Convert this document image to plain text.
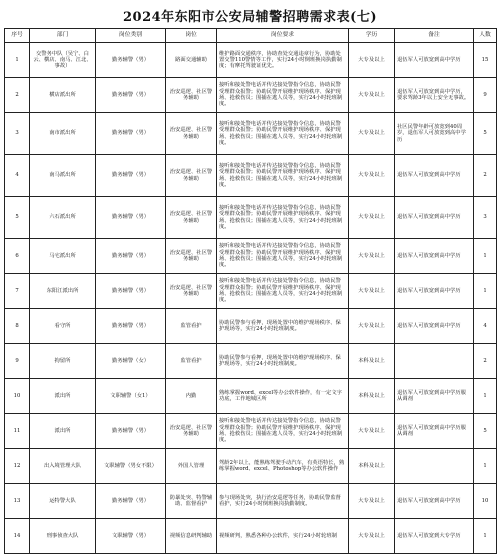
2024年东阳市公安局辅警招聘需求表(七)
序号	部门	岗位类别	岗位	岗位要求	学历	备注	人数
1	交警务中队（吴宁、白云、横店、南马、江北、事故）	勤务辅警（男）	路面交通辅助	维护路面交通秩序，协助查处交通违章行为，协助处置交警110警情等工作，实行24小时倒班换岗执勤制度；有摩托驾驶证优先。	大专及以上	退伍军人可放宽到高中学历	15
2	横店派出所	勤务辅警（男）	治安巡逻、社区警务辅助	接听和接处警电话并传达接处警指令信息，协助民警受理群众报警；协助民警开展维护现场秩序、保护现场、抢救伤员；围捕在逃人员等，实行24小时轮班制度。	大专及以上	退伍军人可放宽到高中学历，要求驾龄3年以上安全无事故。	9
3	南市派出所	勤务辅警（男）	治安巡逻、社区警务辅助	接听和接处警电话并传达接处警指令信息，协助民警受理群众报警；协助民警开展维护现场秩序、保护现场、抢救伤员；围捕在逃人员等，实行24小时轮班制度。	大专及以上	社区民警年龄可放宽到40周岁，退伍军人可放宽到高中学历	5
4	南马派出所	勤务辅警（男）	治安巡逻、社区警务辅助	接听和接处警电话并传达接处警指令信息，协助民警受理群众报警；协助民警开展维护现场秩序、保护现场、抢救伤员；围捕在逃人员等，实行24小时轮班制度。	大专及以上	退伍军人可放宽到高中学历	2
5	六石派出所	勤务辅警（男）	治安巡逻、社区警务辅助	接听和接处警电话并传达接处警指令信息，协助民警受理群众报警；协助民警开展维护现场秩序、保护现场、抢救伤员；围捕在逃人员等，实行24小时轮班制度。	大专及以上	退伍军人可放宽到高中学历	3
6	马宅派出所	勤务辅警（男）	治安巡逻、社区警务辅助	接听和接处警电话并传达接处警指令信息，协助民警受理群众报警；协助民警开展维护现场秩序、保护现场、抢救伤员；围捕在逃人员等，实行24小时轮班制度。	大专及以上	退伍军人可放宽到高中学历	1
7	东阳江派出所	勤务辅警（男）	治安巡逻、社区警务辅助	接听和接处警电话并传达接处警指令信息，协助民警受理群众报警；协助民警开展维护现场秩序、保护现场、抢救伤员；围捕在逃人员等，实行24小时轮班制度。	大专及以上	退伍军人可放宽到高中学历	1
8	看守所	勤务辅警（男）	监管看护	协助民警参与看押，现场处置中的维护现场秩序、保护现场等，实行24小时轮班制度。	大专及以上	退伍军人可放宽到高中学历	4
9	拘留所	勤务辅警（女）	监管看护	协助民警参与看押，现场处置中的维护现场秩序、保护现场等，实行24小时轮班制度。	本科及以上		2
10	派出所	文职辅警（女1）	内勤	熟练掌握word、excel等办公软件操作，有一定文字功底，工作地城区所	本科及以上	退伍军人可放宽到高中学历服从调剂	1
11	派出所	勤务辅警（男）	治安巡逻、社区警务辅助	接听和接处警电话并传达接处警指令信息，协助民警受理群众报警；协助民警开展维护现场秩序、保护现场、抢救伤员；围捕在逃人员等，实行24小时轮班制度。	大专及以上	退伍军人可放宽到高中学历服从调剂	5
12	出入境管理大队	文职辅警（男女不限）	外国人管理	驾龄2年以上，能熟练驾驶手动汽车，有英语特长，熟练掌握word、excel、Photoshop等办公软件操作	本科及以上		1
13	运特警大队	勤务辅警（男）	防暴处突、特警辅助、监督看护	参与现场处突，执行治安巡逻等任务，协助民警监督看护，实行24小时倒班换岗执勤制度。	大专及以上	退伍军人可放宽到高中学历	10
14	刑事侦查大队	文职辅警（男）	视频信息研判辅助	视频研判，熟悉各种办公软件，实行24小时轮班制	大专及以上	退伍军人可放宽到大专学历	1
